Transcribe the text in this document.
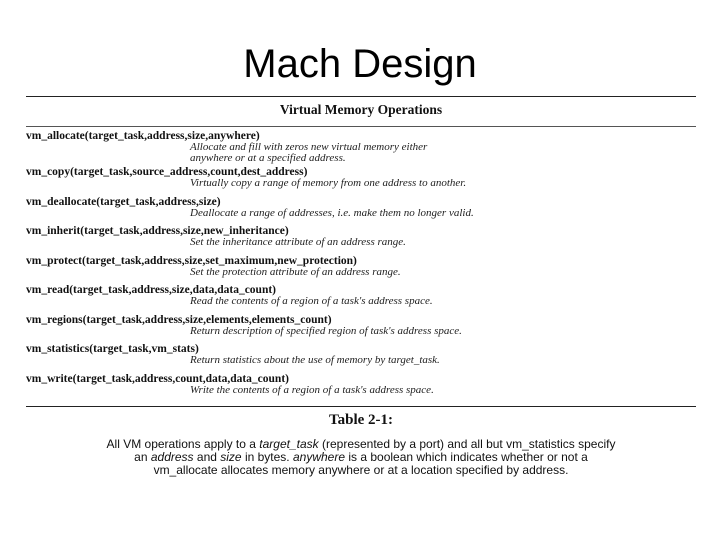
Mach Design
Virtual Memory Operations
vm_allocate(target_task,address,size,anywhere)
Allocate and fill with zeros new virtual memory either
anywhere or at a specified address.
vm_copy(target_task,source_address,count,dest_address)
Virtually copy a range of memory from one address to another.
vm_deallocate(target_task,address,size)
Deallocate a range of addresses, i.e. make them no longer valid.
vm_inherit(target_task,address,size,new_inheritance)
Set the inheritance attribute of an address range.
vm_protect(target_task,address,size,set_maximum,new_protection)
Set the protection attribute of an address range.
vm_read(target_task,address,size,data,data_count)
Read the contents of a region of a task's address space.
vm_regions(target_task,address,size,elements,elements_count)
Return description of specified region of task's address space.
vm_statistics(target_task,vm_stats)
Return statistics about the use of memory by target_task.
vm_write(target_task,address,count,data,data_count)
Write the contents of a region of a task's address space.
Table 2-1:
All VM operations apply to a target_task (represented by a port) and all but vm_statistics specify
an address and size in bytes. anywhere is a boolean which indicates whether or not a
vm_allocate allocates memory anywhere or at a location specified by address.
